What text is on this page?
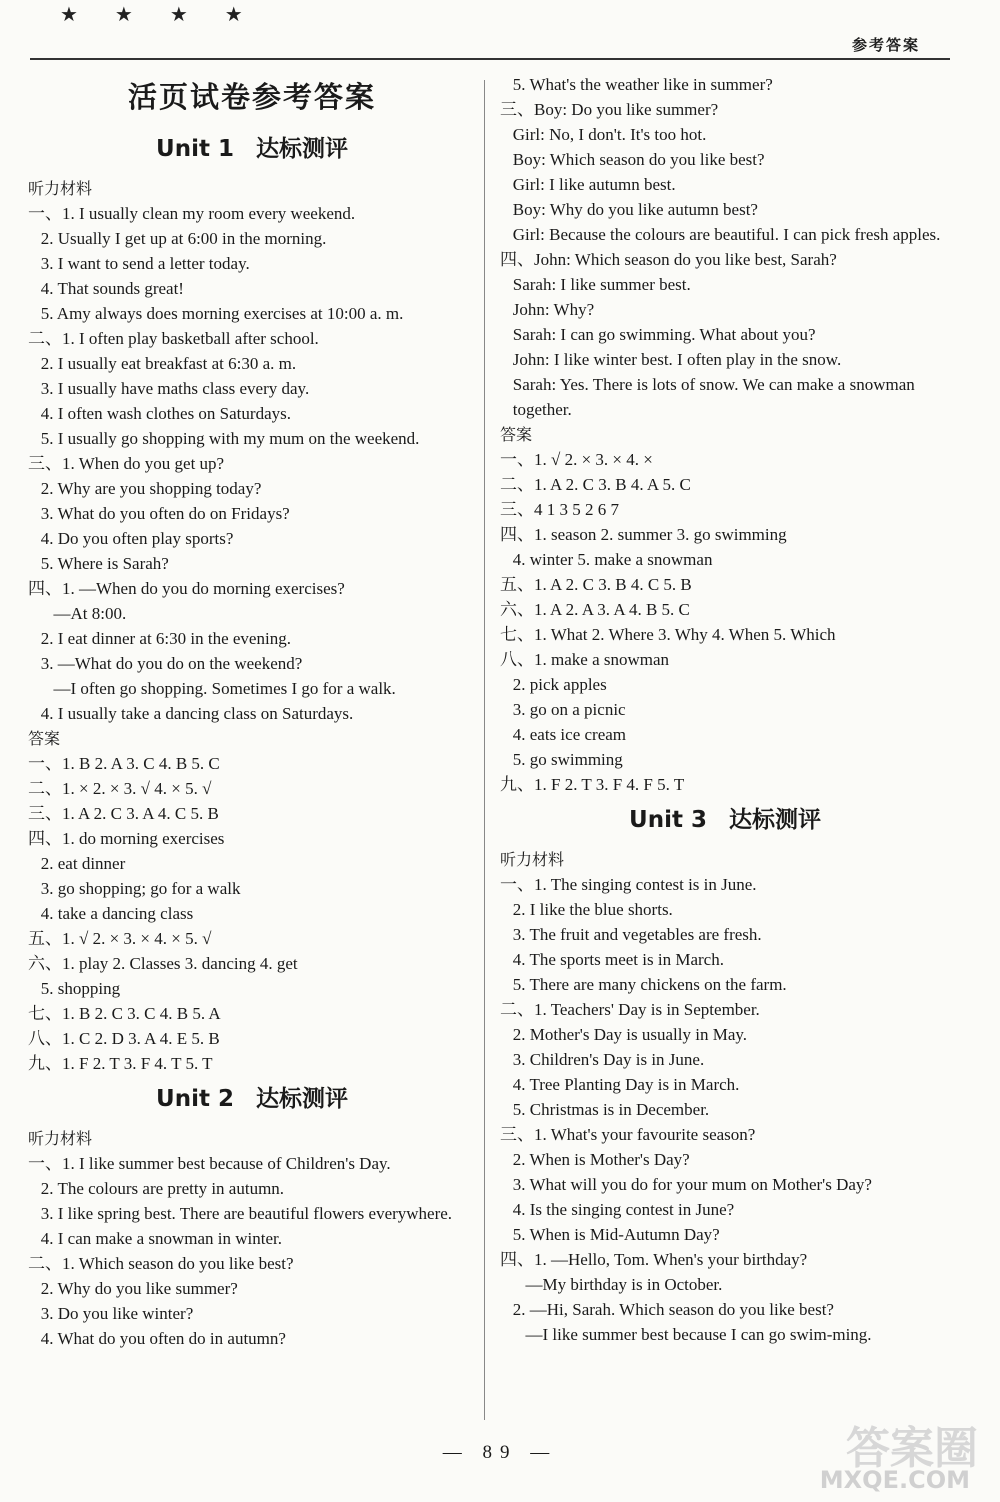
★ ★ ★ ★
参考答案
活页试卷参考答案
Unit 1 达标测评
听力材料
一、 1. I usually clean my room every weekend.

2. Usually I get up at 6:00 in the morning.

3. I want to send a letter today.

4. That sounds great!

5. Amy always does morning exercises at 10:00 a. m.
二、 1. I often play basketball after school.

2. I usually eat breakfast at 6:30 a. m.

3. I usually have maths class every day.

4. I often wash clothes on Saturdays.

5. I usually go shopping with my mum on the weekend.
三、 1. When do you get up?

2. Why are you shopping today?

3. What do you often do on Fridays?

4. Do you often play sports?

5. Where is Sarah?
四、 1. —When do you do morning exercises?

—At 8:00.

2. I eat dinner at 6:30 in the evening.

3. —What do you do on the weekend?

—I often go shopping. Sometimes I go for a walk.

4. I usually take a dancing class on Saturdays.
答案
一、 1. B 2. A 3. C 4. B 5. C
二、 1. × 2. × 3. √ 4. × 5. √
三、 1. A 2. C 3. A 4. C 5. B
四、 1. do morning exercises

2. eat dinner

3. go shopping; go for a walk

4. take a dancing class
五、 1. √ 2. × 3. × 4. × 5. √
六、 1. play 2. Classes 3. dancing 4. get

5. shopping
七、 1. B 2. C 3. C 4. B 5. A
八、 1. C 2. D 3. A 4. E 5. B
九、 1. F 2. T 3. F 4. T 5. T
Unit 2 达标测评
听力材料
一、 1. I like summer best because of Children's Day.

2. The colours are pretty in autumn.

3. I like spring best. There are beautiful flowers everywhere.

4. I can make a snowman in winter.
二、 1. Which season do you like best?

2. Why do you like summer?

3. Do you like winter?

4. What do you often do in autumn?

5. What's the weather like in summer?
三、 Boy: Do you like summer?

Girl: No, I don't. It's too hot.

Boy: Which season do you like best?

Girl: I like autumn best.

Boy: Why do you like autumn best?

Girl: Because the colours are beautiful. I can pick fresh apples.
四、 John: Which season do you like best, Sarah?

Sarah: I like summer best.

John: Why?

Sarah: I can go swimming. What about you?

John: I like winter best. I often play in the snow.

Sarah: Yes. There is lots of snow. We can make a snowman together.
答案
一、 1. √ 2. × 3. × 4. ×
二、 1. A 2. C 3. B 4. A 5. C
三、 4 1 3 5 2 6 7
四、 1. season 2. summer 3. go swimming

4. winter 5. make a snowman
五、 1. A 2. C 3. B 4. C 5. B
六、 1. A 2. A 3. A 4. B 5. C
七、 1. What 2. Where 3. Why 4. When 5. Which
八、 1. make a snowman

2. pick apples

3. go on a picnic

4. eats ice cream

5. go swimming
九、 1. F 2. T 3. F 4. F 5. T
Unit 3 达标测评
听力材料
一、 1. The singing contest is in June.

2. I like the blue shorts.

3. The fruit and vegetables are fresh.

4. The sports meet is in March.

5. There are many chickens on the farm.
二、 1. Teachers' Day is in September.

2. Mother's Day is usually in May.

3. Children's Day is in June.

4. Tree Planting Day is in March.

5. Christmas is in December.
三、 1. What's your favourite season?

2. When is Mother's Day?

3. What will you do for your mum on Mother's Day?

4. Is the singing contest in June?

5. When is Mid-Autumn Day?
四、 1. —Hello, Tom. When's your birthday?

—My birthday is in October.

2. —Hi, Sarah. Which season do you like best?

—I like summer best because I can go swim-ming.
— 89 —	答案圈
MXQE.COM
